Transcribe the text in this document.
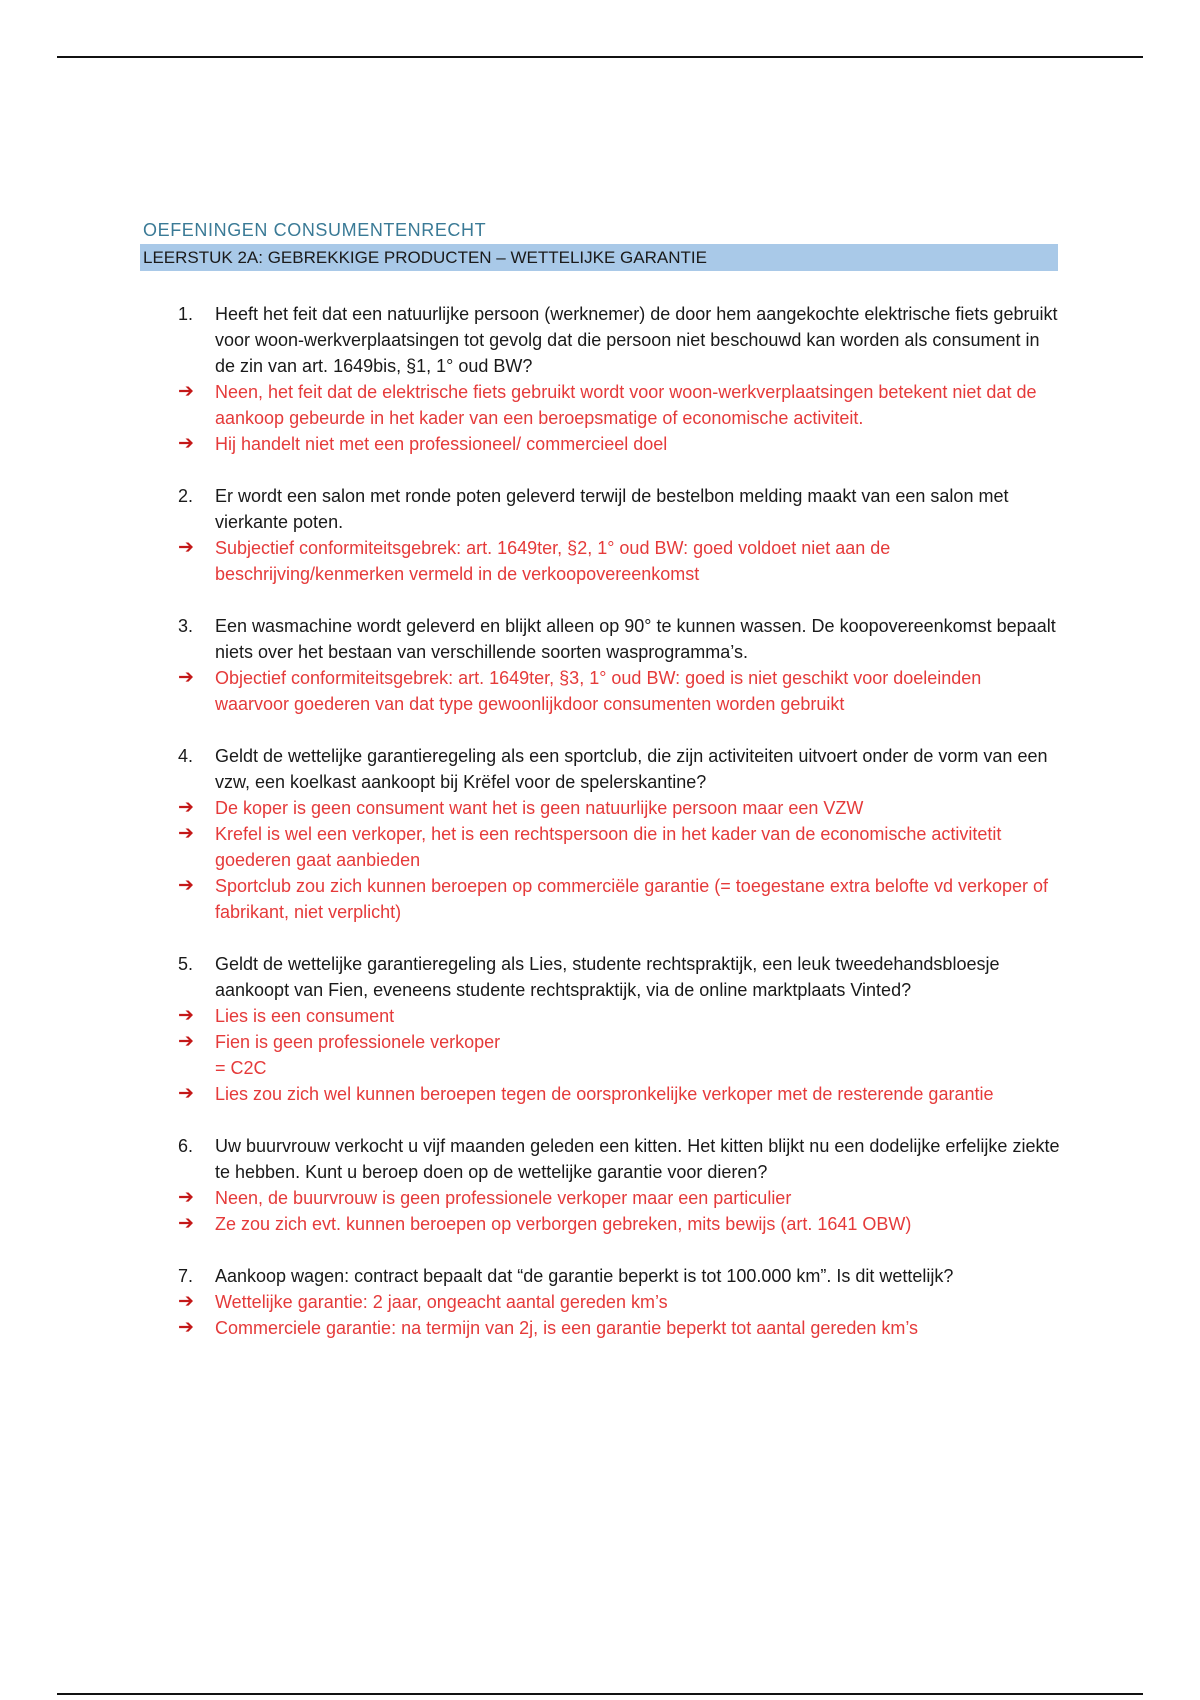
OEFENINGEN CONSUMENTENRECHT
LEERSTUK 2A: GEBREKKIGE PRODUCTEN – WETTELIJKE GARANTIE
1. Heeft het feit dat een natuurlijke persoon (werknemer) de door hem aangekochte elektrische fiets gebruikt voor woon-werkverplaatsingen tot gevolg dat die persoon niet beschouwd kan worden als consument in de zin van art. 1649bis, §1, 1° oud BW?
➔ Neen, het feit dat de elektrische fiets gebruikt wordt voor woon-werkverplaatsingen betekent niet dat de aankoop gebeurde in het kader van een beroepsmatige of economische activiteit.
➔ Hij handelt niet met een professioneel/ commercieel doel
2. Er wordt een salon met ronde poten geleverd terwijl de bestelbon melding maakt van een salon met vierkante poten.
➔ Subjectief conformiteitsgebrek: art. 1649ter, §2, 1° oud BW: goed voldoet niet aan de beschrijving/kenmerken vermeld in de verkoopovereenkomst
3. Een wasmachine wordt geleverd en blijkt alleen op 90° te kunnen wassen. De koopovereenkomst bepaalt niets over het bestaan van verschillende soorten wasprogramma’s.
➔ Objectief conformiteitsgebrek: art. 1649ter, §3, 1° oud BW: goed is niet geschikt voor doeleinden waarvoor goederen van dat type gewoonlijkdoor consumenten worden gebruikt
4. Geldt de wettelijke garantieregeling als een sportclub, die zijn activiteiten uitvoert onder de vorm van een vzw, een koelkast aankoopt bij Krëfel voor de spelerskantine?
➔ De koper is geen consument want het is geen natuurlijke persoon maar een VZW
➔ Krefel is wel een verkoper, het is een rechtspersoon die in het kader van de economische activitetit goederen gaat aanbieden
➔ Sportclub zou zich kunnen beroepen op commerciële garantie (= toegestane extra belofte vd verkoper of fabrikant, niet verplicht)
5. Geldt de wettelijke garantieregeling als Lies, studente rechtspraktijk, een leuk tweedehandsbloesje aankoopt van Fien, eveneens studente rechtspraktijk, via de online marktplaats Vinted?
➔ Lies is een consument
➔ Fien is geen professionele verkoper
= C2C
➔ Lies zou zich wel kunnen beroepen tegen de oorspronkelijke verkoper met de resterende garantie
6. Uw buurvrouw verkocht u vijf maanden geleden een kitten. Het kitten blijkt nu een dodelijke erfelijke ziekte te hebben. Kunt u beroep doen op de wettelijke garantie voor dieren?
➔ Neen, de buurvrouw is geen professionele verkoper maar een particulier
➔ Ze zou zich evt. kunnen beroepen op verborgen gebreken, mits bewijs (art. 1641 OBW)
7. Aankoop wagen: contract bepaalt dat “de garantie beperkt is tot 100.000 km”. Is dit wettelijk?
➔ Wettelijke garantie: 2 jaar, ongeacht aantal gereden km’s
➔ Commerciele garantie: na termijn van 2j, is een garantie beperkt tot aantal gereden km’s
